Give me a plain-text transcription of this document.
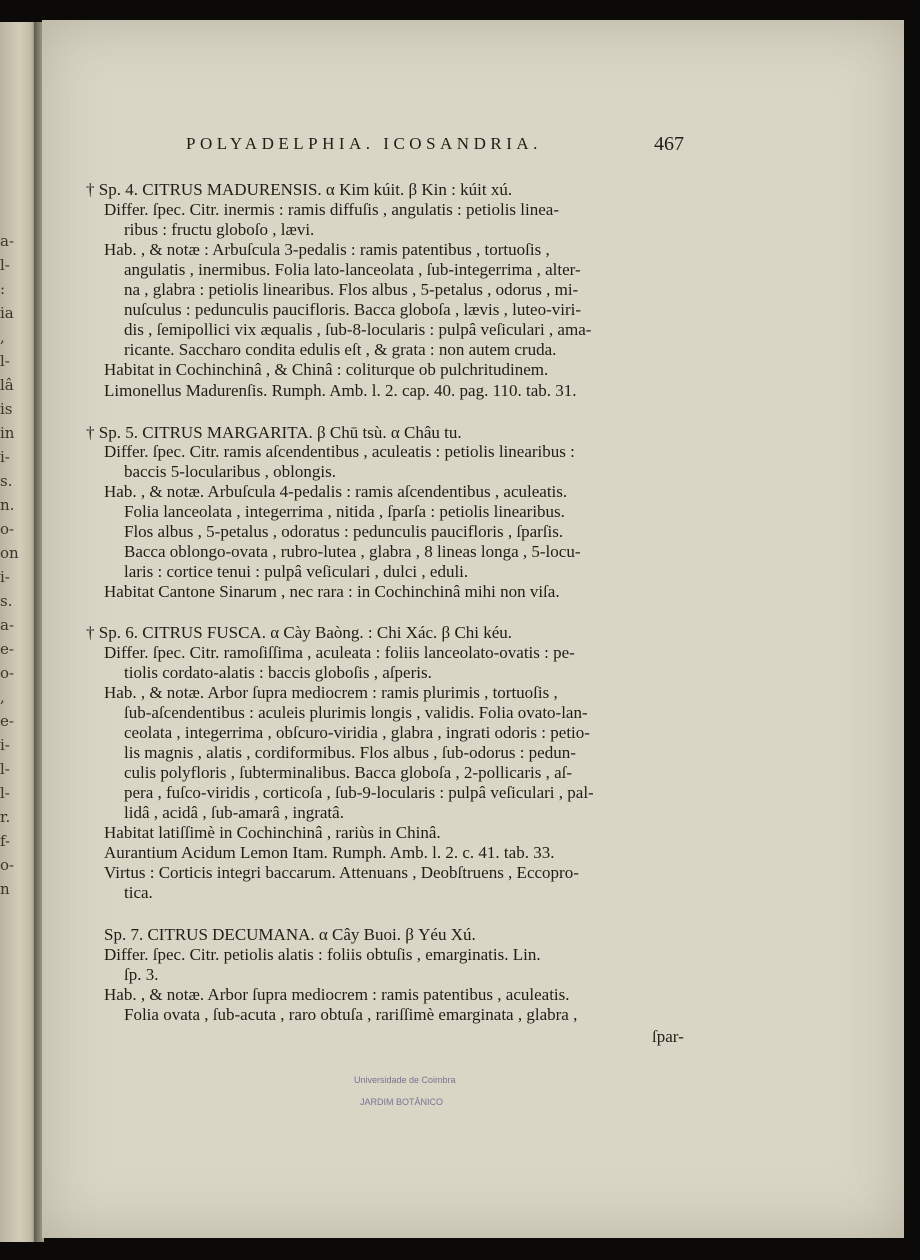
a-
l-
:
ia
,
l-
lâ
is
in
i-
s.
n.
o-
on
i-
s.
a-
e-
o-
,
e-
i-
l-
l-
r.
f-
o-
n
POLYADELPHIA. ICOSANDRIA.	467
† Sp. 4. CITRUS MADURENSIS. α Kim kúit. β Kin : kúit xú.
Differ. ſpec. Citr. inermis : ramis diffuſis , angulatis : petiolis linea-
ribus : fructu globoſo , lævi.
Hab. , & notæ : Arbuſcula 3-pedalis : ramis patentibus , tortuoſis ,
angulatis , inermibus. Folia lato-lanceolata , ſub-integerrima , alter-
na , glabra : petiolis linearibus. Flos albus , 5-petalus , odorus , mi-
nuſculus : pedunculis paucifloris. Bacca globoſa , lævis , luteo-viri-
dis , ſemipollici vix æqualis , ſub-8-locularis : pulpâ veſiculari , ama-
ricante. Saccharo condita edulis eſt , & grata : non autem cruda.
Habitat in Cochinchinâ , & Chinâ : coliturque ob pulchritudinem.
Limonellus Madurenſis. Rumph. Amb. l. 2. cap. 40. pag. 110. tab. 31.
† Sp. 5. CITRUS MARGARITA. β Chū tsù. α Châu tu.
Differ. ſpec. Citr. ramis aſcendentibus , aculeatis : petiolis linearibus :
baccis 5-locularibus , oblongis.
Hab. , & notæ. Arbuſcula 4-pedalis : ramis aſcendentibus , aculeatis.
Folia lanceolata , integerrima , nitida , ſparſa : petiolis linearibus.
Flos albus , 5-petalus , odoratus : pedunculis paucifloris , ſparſis.
Bacca oblongo-ovata , rubro-lutea , glabra , 8 lineas longa , 5-locu-
laris : cortice tenui : pulpâ veſiculari , dulci , eduli.
Habitat Cantone Sinarum , nec rara : in Cochinchinâ mihi non viſa.
† Sp. 6. CITRUS FUSCA. α Cày Baòng. : Chi Xác. β Chi kéu.
Differ. ſpec. Citr. ramoſiſſima , aculeata : foliis lanceolato-ovatis : pe-
tiolis cordato-alatis : baccis globoſis , aſperis.
Hab. , & notæ. Arbor ſupra mediocrem : ramis plurimis , tortuoſis ,
ſub-aſcendentibus : aculeis plurimis longis , validis. Folia ovato-lan-
ceolata , integerrima , obſcuro-viridia , glabra , ingrati odoris : petio-
lis magnis , alatis , cordiformibus. Flos albus , ſub-odorus : pedun-
culis polyfloris , ſubterminalibus. Bacca globoſa , 2-pollicaris , aſ-
pera , fuſco-viridis , corticoſa , ſub-9-locularis : pulpâ veſiculari , pal-
lidâ , acidâ , ſub-amarâ , ingratâ.
Habitat latiſſimè in Cochinchinâ , rariùs in Chinâ.
Aurantium Acidum Lemon Itam. Rumph. Amb. l. 2. c. 41. tab. 33.
Virtus : Corticis integri baccarum. Attenuans , Deobſtruens , Eccopro-
tica.
Sp. 7. CITRUS DECUMANA. α Cây Buoi. β Yéu Xú.
Differ. ſpec. Citr. petiolis alatis : foliis obtuſis , emarginatis. Lin.
ſp. 3.
Hab. , & notæ. Arbor ſupra mediocrem : ramis patentibus , aculeatis.
Folia ovata , ſub-acuta , raro obtuſa , rariſſimè emarginata , glabra ,
ſpar-
Universidade de Coimbra
JARDIM BOTÂNICO
